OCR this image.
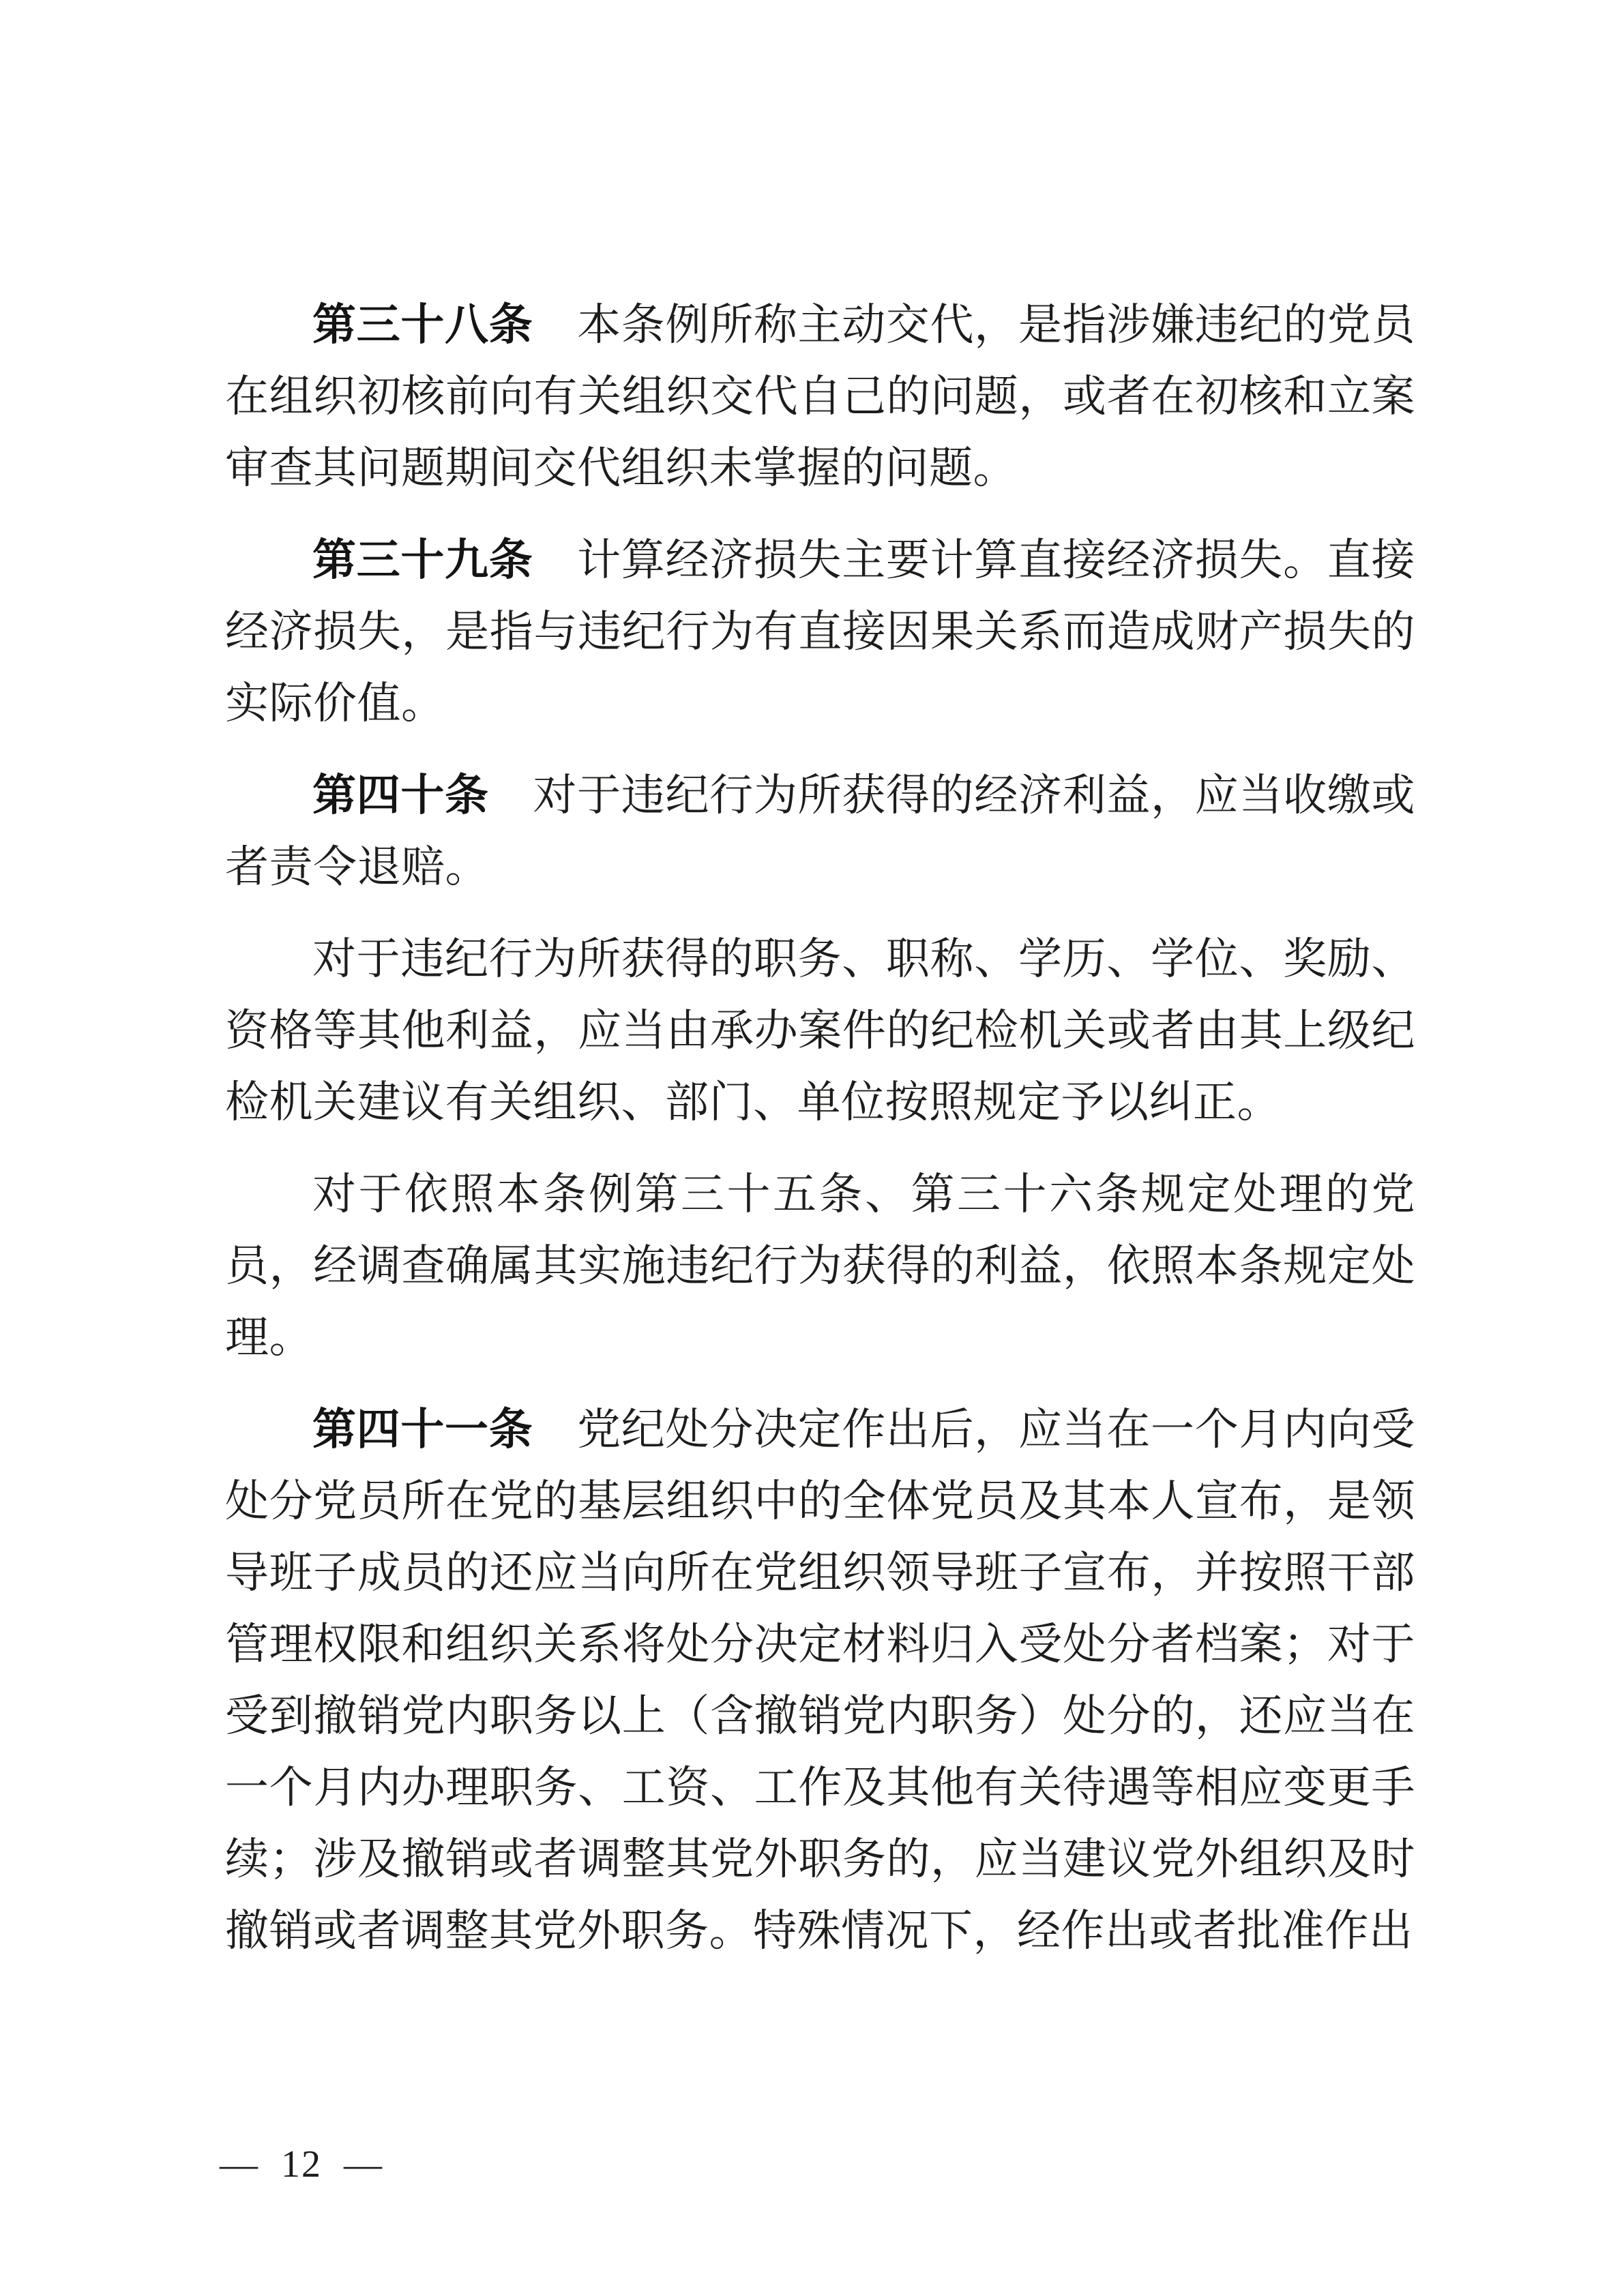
第三十八条　本条例所称主动交代，是指涉嫌违纪的党员在组织初核前向有关组织交代自己的问题，或者在初核和立案审查其问题期间交代组织未掌握的问题。

第三十九条　计算经济损失主要计算直接经济损失。直接经济损失，是指与违纪行为有直接因果关系而造成财产损失的实际价值。

第四十条　对于违纪行为所获得的经济利益，应当收缴或者责令退赔。

对于违纪行为所获得的职务、职称、学历、学位、奖励、资格等其他利益，应当由承办案件的纪检机关或者由其上级纪检机关建议有关组织、部门、单位按照规定予以纠正。

对于依照本条例第三十五条、第三十六条规定处理的党员，经调查确属其实施违纪行为获得的利益，依照本条规定处理。

第四十一条　党纪处分决定作出后，应当在一个月内向受处分党员所在党的基层组织中的全体党员及其本人宣布，是领导班子成员的还应当向所在党组织领导班子宣布，并按照干部管理权限和组织关系将处分决定材料归入受处分者档案；对于受到撤销党内职务以上（含撤销党内职务）处分的，还应当在一个月内办理职务、工资、工作及其他有关待遇等相应变更手续；涉及撤销或者调整其党外职务的，应当建议党外组织及时撤销或者调整其党外职务。特殊情况下，经作出或者批准作出

— 12 —
